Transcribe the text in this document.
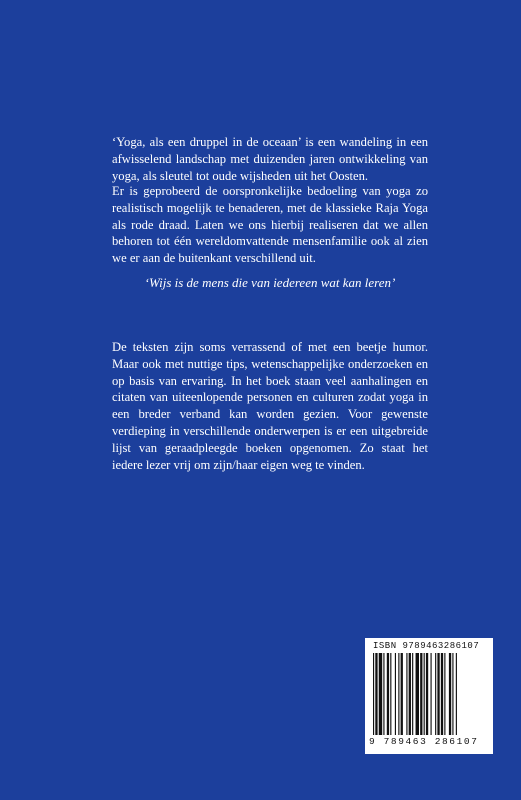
‘Yoga, als een druppel in de oceaan’ is een wandeling in een afwisselend landschap met duizenden jaren ontwikkeling van yoga, als sleutel tot oude wijsheden uit het Oosten.

Er is geprobeerd de oorspronkelijke bedoeling van yoga zo realistisch mogelijk te benaderen, met de klassieke Raja Yoga als rode draad. Laten we ons hierbij realiseren dat we allen behoren tot één wereldomvattende mensenfamilie ook al zien we er aan de buitenkant verschillend uit.

‘Wijs is de mens die van iedereen wat kan leren’

De teksten zijn soms verrassend of met een beetje humor. Maar ook met nuttige tips, wetenschappelijke onderzoeken en op basis van ervaring. In het boek staan veel aanhalingen en citaten van uiteenlopende personen en culturen zodat yoga in een breder verband kan worden gezien. Voor gewenste verdieping in verschillende onderwerpen is er een uitgebreide lijst van geraadpleegde boeken opgenomen. Zo staat het iedere lezer vrij om zijn/haar eigen weg te vinden.

ISBN 9789463286107
9 789463 286107
